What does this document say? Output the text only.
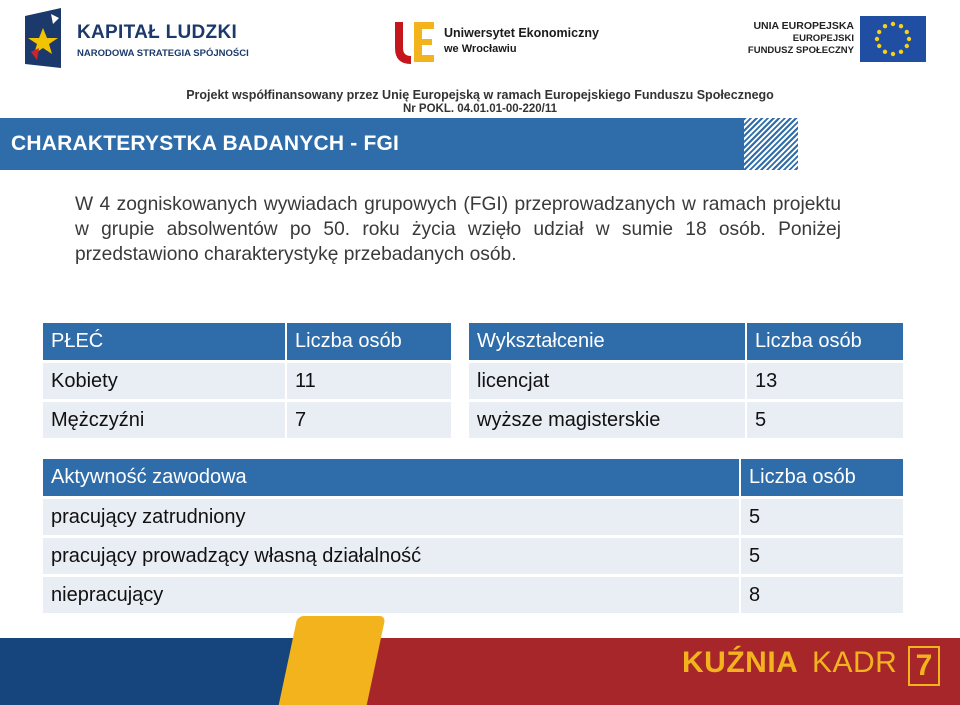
KAPITAŁ LUDZKI
NARODOWA STRATEGIA SPÓJNOŚCI
Uniwersytet Ekonomiczny
we Wrocławiu
UNIA EUROPEJSKA
EUROPEJSKI
FUNDUSZ SPOŁECZNY
Projekt współfinansowany przez Unię Europejską w ramach Europejskiego Funduszu Społecznego
Nr POKL. 04.01.01-00-220/11
CHARAKTERYSTKA BADANYCH - FGI

W 4 zogniskowanych wywiadach grupowych (FGI) przeprowadzanych w ramach projektu w grupie absolwentów po 50. roku życia wzięło udział w sumie 18 osób. Poniżej przedstawiono charakterystykę przebadanych osób.

PŁEĆ	Liczba osób
Kobiety	11
Mężczyźni	7
Wykształcenie	Liczba osób
licencjat	13
wyższe magisterskie	5
Aktywność zawodowa	Liczba osób
pracujący zatrudniony	5
pracujący prowadzący własną działalność	5
niepracujący	8
KUŹNIA KADR 7
